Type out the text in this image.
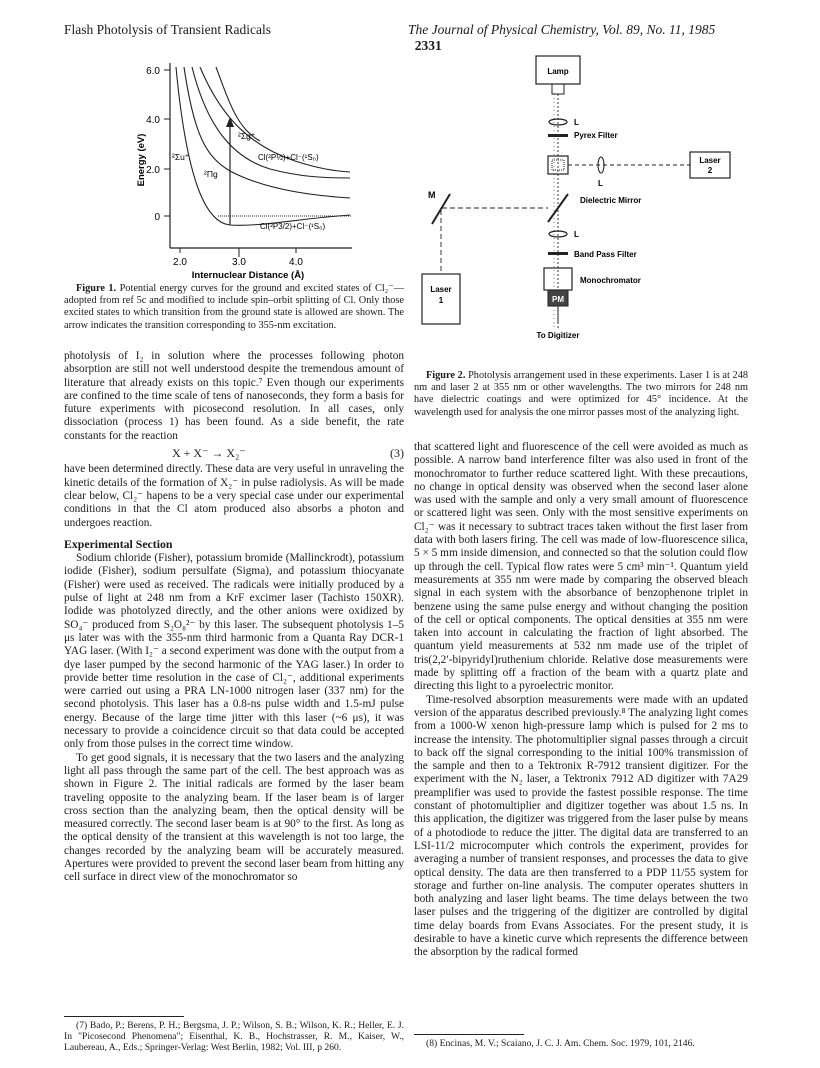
Flash Photolysis of Transient Radicals	The Journal of Physical Chemistry, Vol. 89, No. 11, 1985   2331
6.0
4.0
2.0
0
2.0	3.0	4.0
Energy (eV)
Internuclear Distance (Å)
²Σu⁺
²Σg⁺
²Πg
Cl(²P½)+Cl⁻(¹S₀)
Cl(²P3/2)+Cl⁻(¹S₀)

Figure 1. Potential energy curves for the ground and excited states of Cl₂⁻—adopted from ref 5c and modified to include spin–orbit splitting of Cl. Only those excited states to which transition from the ground state is allowed are shown. The arrow indicates the transition corresponding to 355-nm excitation.

Lamp
L
Pyrex Filter
L
Laser
2
M
Dielectric Mirror
L
Band Pass Filter
Laser
1
Monochromator
PM
To Digitizer

Figure 2. Photolysis arrangement used in these experiments. Laser 1 is at 248 nm and laser 2 at 355 nm or other wavelengths. The two mirrors for 248 nm have dielectric coatings and were optimized for 45° incidence. At the wavelength used for analysis the one mirror passes most of the analyzing light.

photolysis of I₂ in solution where the processes following photon absorption are still not well understood despite the tremendous amount of literature that already exists on this topic.⁷ Even though our experiments are confined to the time scale of tens of nanoseconds, they form a basis for future experiments with picosecond resolution. In all cases, only dissociation (process 1) has been found. As a side benefit, the rate constants for the reaction

X + X⁻ → X₂⁻	(3)

have been determined directly. These data are very useful in unraveling the kinetic details of the formation of X₂⁻ in pulse radiolysis. As will be made clear below, Cl₂⁻ hapens to be a very special case under our experimental conditions in that the Cl atom produced also absorbs a photon and undergoes reaction.

Experimental Section

Sodium chloride (Fisher), potassium bromide (Mallinckrodt), potassium iodide (Fisher), sodium persulfate (Sigma), and potassium thiocyanate (Fisher) were used as received. The radicals were initially produced by a pulse of light at 248 nm from a KrF excimer laser (Tachisto 150XR). Iodide was photolyzed directly, and the other anions were oxidized by SO₄⁻ produced from S₂O₈²⁻ by this laser. The subsequent photolysis 1–5 μs later was with the 355-nm third harmonic from a Quanta Ray DCR-1 YAG laser. (With I₂⁻ a second experiment was done with the output from a dye laser pumped by the second harmonic of the YAG laser.) In order to provide better time resolution in the case of Cl₂⁻, additional experiments were carried out using a PRA LN-1000 nitrogen laser (337 nm) for the second photolysis. This laser has a 0.8-ns pulse width and 1.5-mJ pulse energy. Because of the large time jitter with this laser (~6 μs), it was necessary to provide a coincidence circuit so that data could be accepted only from those pulses in the correct time window.

To get good signals, it is necessary that the two lasers and the analyzing light all pass through the same part of the cell. The best approach was as shown in Figure 2. The initial radicals are formed by the laser beam traveling opposite to the analyzing beam. If the laser beam is of larger cross section than the analyzing beam, then the optical density will be measured correctly. The second laser beam is at 90° to the first. As long as the optical density of the transient at this wavelength is not too large, the changes recorded by the analyzing beam will be accurately measured. Apertures were provided to prevent the second laser beam from hitting any cell surface in direct view of the monochromator so

(7) Bado, P.; Berens, P. H.; Bergsma, J. P.; Wilson, S. B.; Wilson, K. R.; Heller, E. J. In "Picosecond Phenomena"; Eisenthal, K. B., Hochstrasser, R. M., Kaiser, W., Laubereau, A., Eds.; Springer-Verlag: West Berlin, 1982; Vol. III, p 260.

that scattered light and fluorescence of the cell were avoided as much as possible. A narrow band interference filter was also used in front of the monochromator to further reduce scattered light. With these precautions, no change in optical density was observed when the second laser alone was used with the sample and only a very small amount of fluorescence or scattered light was seen. Only with the most sensitive experiments on Cl₂⁻ was it necessary to subtract traces taken without the first laser from data with both lasers firing. The cell was made of low-fluorescence silica, 5 × 5 mm inside dimension, and connected so that the solution could flow up through the cell. Typical flow rates were 5 cm³ min⁻¹. Quantum yield measurements at 355 nm were made by comparing the observed bleach signal in each system with the absorbance of benzophenone triplet in benzene using the same pulse energy and without changing the position of the cell or optical components. The optical densities at 355 nm were taken into account in calculating the fraction of light absorbed. The quantum yield measurements at 532 nm made use of the triplet of tris(2,2′-bipyridyl)ruthenium chloride. Relative dose measurements were made by splitting off a fraction of the beam with a quartz plate and directing this light to a pyroelectric monitor.

Time-resolved absorption measurements were made with an updated version of the apparatus described previously.⁸ The analyzing light comes from a 1000-W xenon high-pressure lamp which is pulsed for 2 ms to increase the intensity. The photomultiplier signal passes through a circuit to back off the signal corresponding to the initial 100% transmission of the sample and then to a Tektronix R-7912 transient digitizer. For the experiment with the N₂ laser, a Tektronix 7912 AD digitizer with 7A29 preamplifier was used to provide the fastest possible response. The time constant of photomultiplier and digitizer together was about 1.5 ns. In this application, the digitizer was triggered from the laser pulse by means of a photodiode to reduce the jitter. The digital data are transferred to an LSI-11/2 microcomputer which controls the experiment, provides for averaging a number of transient responses, and processes the data to give optical density. The data are then transferred to a PDP 11/55 system for storage and further on-line analysis. The computer operates shutters in both analyzing and laser light beams. The time delays between the two laser pulses and the triggering of the digitizer are controlled by digital time delay boards from Evans Associates. For the present study, it is desirable to have a kinetic curve which represents the difference between the absorption by the radical formed

(8) Encinas, M. V.; Scaiano, J. C. J. Am. Chem. Soc. 1979, 101, 2146.
